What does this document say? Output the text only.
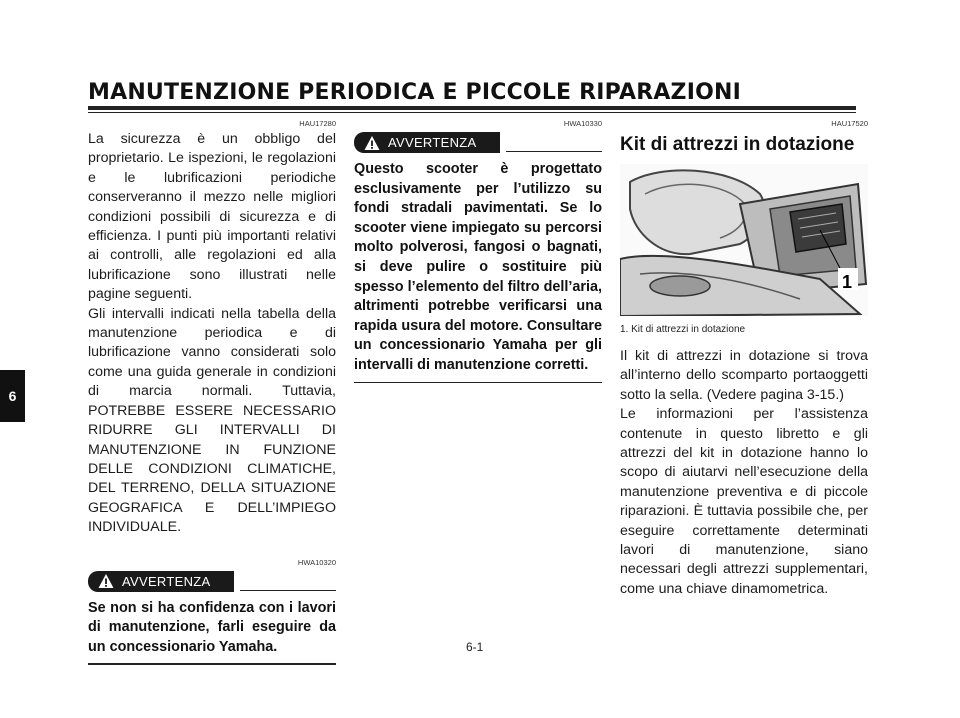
MANUTENZIONE PERIODICA E PICCOLE RIPARAZIONI
6
HAU17280

La sicurezza è un obbligo del proprietario. Le ispezioni, le regolazioni e le lubrificazioni periodiche conserveranno il mezzo nelle migliori condizioni possibili di sicurezza e di efficienza. I punti più importanti relativi ai controlli, alle regolazioni ed alla lubrificazione sono illustrati nelle pagine seguenti.

Gli intervalli indicati nella tabella della manutenzione periodica e di lubrificazione vanno considerati solo come una guida generale in condizioni di marcia normali. Tuttavia, POTREBBE ESSERE NECESSARIO RIDURRE GLI INTERVALLI DI MANUTENZIONE IN FUNZIONE DELLE CONDIZIONI CLIMATICHE, DEL TERRENO, DELLA SITUAZIONE GEOGRAFICA E DELL’IMPIEGO INDIVIDUALE.

HWA10320
AVVERTENZA

Se non si ha confidenza con i lavori di manutenzione, farli eseguire da un concessionario Yamaha.

HWA10330
AVVERTENZA

Questo scooter è progettato esclusivamente per l’utilizzo su fondi stradali pavimentati. Se lo scooter viene impiegato su percorsi molto polverosi, fangosi o bagnati, si deve pulire o sostituire più spesso l’elemento del filtro dell’aria, altrimenti potrebbe verificarsi una rapida usura del motore. Consultare un concessionario Yamaha per gli intervalli di manutenzione corretti.

HAU17520
Kit di attrezzi in dotazione
1
1. Kit di attrezzi in dotazione

Il kit di attrezzi in dotazione si trova all’interno dello scomparto portaoggetti sotto la sella. (Vedere pagina 3-15.)

Le informazioni per l’assistenza contenute in questo libretto e gli attrezzi del kit in dotazione hanno lo scopo di aiutarvi nell’esecuzione della manutenzione preventiva e di piccole riparazioni. È tuttavia possibile che, per eseguire correttamente determinati lavori di manutenzione, siano necessari degli attrezzi supplementari, come una chiave dinamometrica.

6-1
